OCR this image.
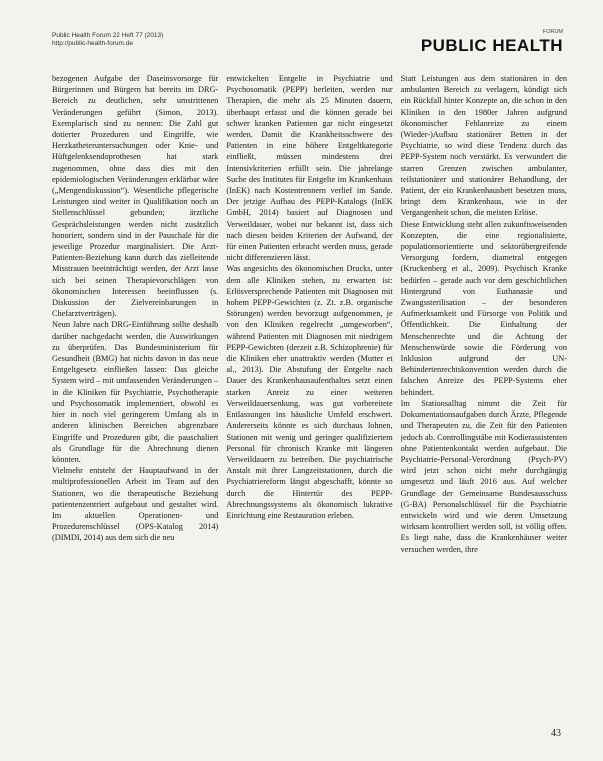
Public Health Forum 22 Heft 77 (2013)
http://public-health-forum.de
FORUM
PUBLIC HEALTH

bezogenen Aufgabe der Daseinsvorsorge für Bürgerinnen und Bürgern hat bereits im DRG-Bereich zu deutlichen, sehr umstrittenen Veränderungen geführt (Simon, 2013). Exemplarisch sind zu nennen: Die Zahl gut dotierter Prozeduren und Eingriffe, wie Herzkatheteruntersuchungen oder Knie- und Hüftgelenksendoprothesen hat stark zugenommen, ohne dass dies mit den epidemiologischen Veränderungen erklärbar wäre („Mengendiskussion“). Wesentliche pflegerische Leistungen sind weiter in Qualifikation noch an Stellenschlüssel gebunden; ärztliche Gesprächsleistungen werden nicht zusätzlich honoriert, sondern sind in der Pauschale für die jeweilige Prozedur marginalisiert. Die Arzt-Patienten-Beziehung kann durch das zielleitende Misstrauen beeinträchtigt werden, der Arzt lasse sich bei seinen Therapievorschlägen von ökonomischen Interessen beeinflussen (s. Diskussion der Zielvereinbarungen in Chefarztverträgen).

Neun Jahre nach DRG-Einführung sollte deshalb darüber nachgedacht werden, die Auswirkungen zu überprüfen. Das Bundesministerium für Gesundheit (BMG) hat nichts davon in das neue Entgeltgesetz einfließen lassen: Das gleiche System wird – mit umfassenden Veränderungen – in die Kliniken für Psychiatrie, Psychotherapie und Psychosomatik implementiert, obwohl es hier in noch viel geringerem Umfang als in anderen klinischen Bereichen abgrenzbare Eingriffe und Prozeduren gibt, die pauschaliert als Grundlage für die Abrechnung dienen könnten.

Vielmehr entsteht der Hauptaufwand in der multiprofessionellen Arbeit im Team auf den Stationen, wo die therapeutische Beziehung patientenzentriert aufgebaut und gestaltet wird. Im aktuellen Operationen- und Prozedurenschlüssel (OPS-Katalog 2014) (DIMDI, 2014) aus dem sich die neu

entwickelten Entgelte in Psychiatrie und Psychosomatik (PEPP) herleiten, werden nur Therapien, die mehr als 25 Minuten dauern, überhaupt erfasst und die können gerade bei schwer kranken Patienten gar nicht eingesetzt werden. Damit die Krankheitsschwere des Patienten in eine höhere Entgeltkategorie einfließt, müssen mindestens drei Intensivkriterien erfüllt sein. Die jahrelange Suche des Institutes für Entgelte im Krankenhaus (InEK) nach Kostentrennern verlief im Sande. Der jetzige Aufbau des PEPP-Katalogs (InEK GmbH, 2014) basiert auf Diagnosen und Verweildauer, wobei nur bekannt ist, dass sich nach diesen beiden Kriterien der Aufwand, der für einen Patienten erbracht werden muss, gerade nicht differenzieren lässt.

Was angesichts des ökonomischen Drucks, unter dem alle Kliniken stehen, zu erwarten ist: Erlösversprechende Patienten mit Diagnosen mit hohem PEPP-Gewichten (z. Zt. z.B. organische Störungen) werden bevorzugt aufgenommen, je von den Kliniken regelrecht „umgeworben“, während Patienten mit Diagnosen mit niedrigem PEPP-Gewichten (derzeit z.B. Schizophrenie) für die Kliniken eher unattraktiv werden (Mutter et al., 2013). Die Abstufung der Entgelte nach Dauer des Krankenhausaufenthaltes setzt einen starken Anreiz zu einer weiteren Verweildauersenkung, was gut vorbereitete Entlassungen ins häusliche Umfeld erschwert. Andererseits könnte es sich durchaus lohnen, Stationen mit wenig und geringer qualifiziertem Personal für chronisch Kranke mit längeren Verweildauern zu betreiben. Die psychiatrische Anstalt mit ihrer Langzeitstationen, durch die Psychiatriereform längst abgeschafft, könnte so durch die Hintertür des PEPP-Abrechnungssystems als ökonomisch lukrative Einrichtung eine Restauration erleben.

Statt Leistungen aus dem stationären in den ambulanten Bereich zu verlagern, kündigt sich ein Rückfall hinter Konzepte an, die schon in den Kliniken in den 1980er Jahren aufgrund ökonomischer Fehlanreize zu einem (Wieder-)Aufbau stationärer Betten in der Psychiatrie, so wird diese Tendenz durch das PEPP-System noch verstärkt. Es verwundert die starren Grenzen zwischen ambulanter, teilstationärer und stationärer Behandlung, der Patient, der ein Krankenhausbett besetzen muss, bringt dem Krankenhaus, wie in der Vergangenheit schon, die meisten Erlöse.

Diese Entwicklung steht allen zukunftsweisenden Konzepten, die eine regionalisierte, populationsorientierte und sektorübergreifende Versorgung fordern, diametral entgegen (Kruckenberg et al., 2009). Psychisch Kranke bedürfen – gerade auch vor dem geschichtlichen Hintergrund von Euthanasie und Zwangssterilisation – der besonderen Aufmerksamkeit und Fürsorge von Politik und Öffentlichkeit. Die Einhaltung der Menschenrechte und die Achtung der Menschenwürde sowie die Förderung von Inklusion aufgrund der UN-Behindertenrechtskonvention werden durch die falschen Anreize des PEPP-Systems eher behindert.

Im Stationsalltag nimmt die Zeit für Dokumentationsaufgaben durch Ärzte, Pflegende und Therapeuten zu, die Zeit für den Patienten jedoch ab. Controllingstäbe mit Kodierassistenten ohne Patientenkontakt werden aufgebaut. Die Psychiatrie-Personal-Verordnung (Psych-PV) wird jetzt schon nicht mehr durchgängig umgesetzt und läuft 2016 aus. Auf welcher Grundlage der Gemeinsame Bundesausschuss (G-BA) Personalschlüssel für die Psychiatrie entwickeln wird und wie deren Umsetzung wirksam kontrolliert werden soll, ist völlig offen. Es liegt nahe, dass die Krankenhäuser weiter versuchen werden, ihre

43
